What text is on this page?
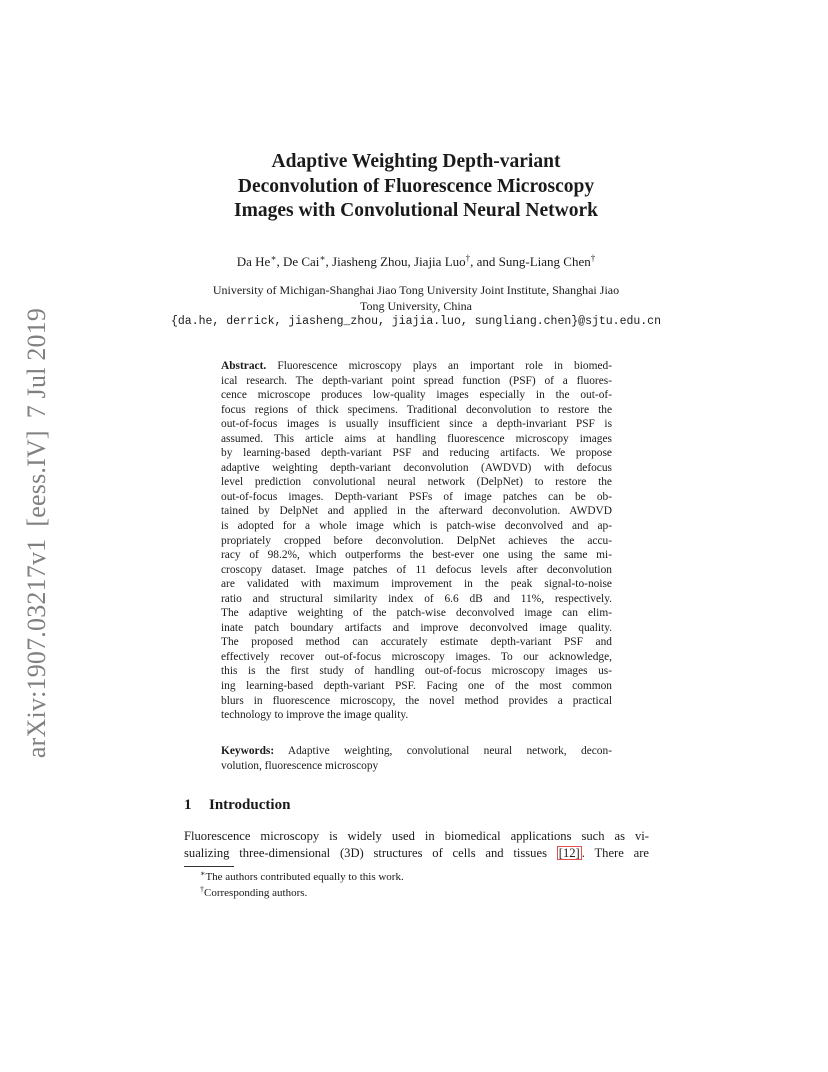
arXiv:1907.03217v1[eess.IV]7 Jul 2019
Adaptive Weighting Depth-variant
Deconvolution of Fluorescence Microscopy
Images with Convolutional Neural Network
Da He∗, De Cai∗, Jiasheng Zhou, Jiajia Luo†, and Sung-Liang Chen†
University of Michigan-Shanghai Jiao Tong University Joint Institute, Shanghai Jiao
Tong University, China
{da.he, derrick, jiasheng_zhou, jiajia.luo, sungliang.chen}@sjtu.edu.cn
Abstract. Fluorescence microscopy plays an important role in biomed-
ical research. The depth-variant point spread function (PSF) of a fluores-
cence microscope produces low-quality images especially in the out-of-
focus regions of thick specimens. Traditional deconvolution to restore the
out-of-focus images is usually insufficient since a depth-invariant PSF is
assumed. This article aims at handling fluorescence microscopy images
by learning-based depth-variant PSF and reducing artifacts. We propose
adaptive weighting depth-variant deconvolution (AWDVD) with defocus
level prediction convolutional neural network (DelpNet) to restore the
out-of-focus images. Depth-variant PSFs of image patches can be ob-
tained by DelpNet and applied in the afterward deconvolution. AWDVD
is adopted for a whole image which is patch-wise deconvolved and ap-
propriately cropped before deconvolution. DelpNet achieves the accu-
racy of 98.2%, which outperforms the best-ever one using the same mi-
croscopy dataset. Image patches of 11 defocus levels after deconvolution
are validated with maximum improvement in the peak signal-to-noise
ratio and structural similarity index of 6.6 dB and 11%, respectively.
The adaptive weighting of the patch-wise deconvolved image can elim-
inate patch boundary artifacts and improve deconvolved image quality.
The proposed method can accurately estimate depth-variant PSF and
effectively recover out-of-focus microscopy images. To our acknowledge,
this is the first study of handling out-of-focus microscopy images us-
ing learning-based depth-variant PSF. Facing one of the most common
blurs in fluorescence microscopy, the novel method provides a practical
technology to improve the image quality.
Keywords: Adaptive weighting, convolutional neural network, decon-
volution, fluorescence microscopy
1 Introduction
Fluorescence microscopy is widely used in biomedical applications such as vi-
sualizing three-dimensional (3D) structures of cells and tissues [12] . There are
∗The authors contributed equally to this work.
†Corresponding authors.
